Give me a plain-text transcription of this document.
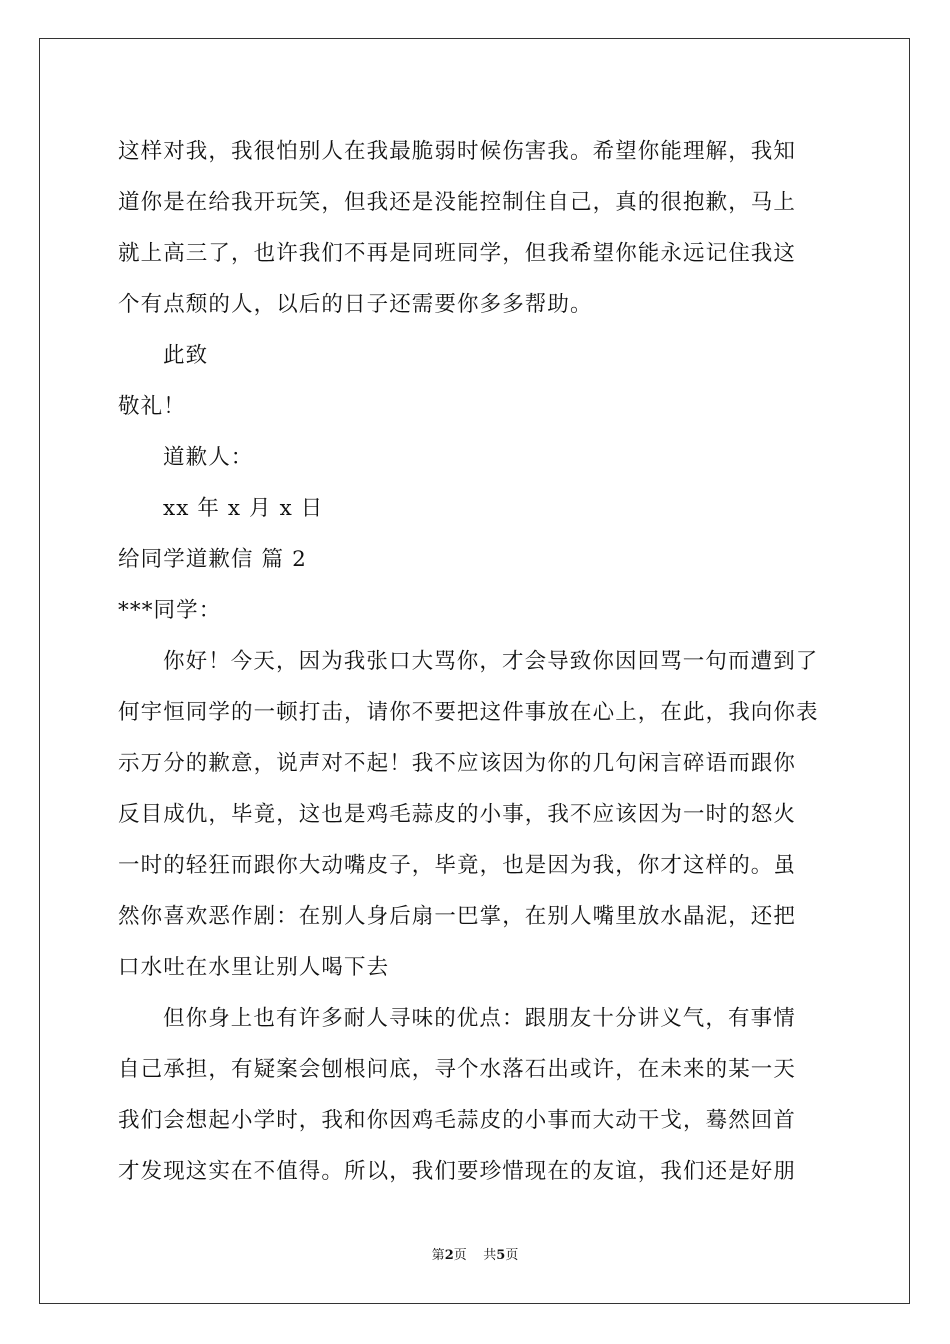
这样对我，我很怕别人在我最脆弱时候伤害我。希望你能理解，我知
道你是在给我开玩笑，但我还是没能控制住自己，真的很抱歉，马上
就上高三了，也许我们不再是同班同学，但我希望你能永远记住我这
个有点颓的人，以后的日子还需要你多多帮助。
此致
敬礼！
道歉人：
xx 年 x 月 x 日
给同学道歉信 篇 2
***同学：
你好！今天，因为我张口大骂你，才会导致你因回骂一句而遭到了
何宇恒同学的一顿打击，请你不要把这件事放在心上，在此，我向你表
示万分的歉意，说声对不起！我不应该因为你的几句闲言碎语而跟你
反目成仇，毕竟，这也是鸡毛蒜皮的小事，我不应该因为一时的怒火
一时的轻狂而跟你大动嘴皮子，毕竟，也是因为我，你才这样的。虽
然你喜欢恶作剧：在别人身后扇一巴掌，在别人嘴里放水晶泥，还把
口水吐在水里让别人喝下去
但你身上也有许多耐人寻味的优点：跟朋友十分讲义气，有事情
自己承担，有疑案会刨根问底，寻个水落石出或许，在未来的某一天
我们会想起小学时，我和你因鸡毛蒜皮的小事而大动干戈，蓦然回首
才发现这实在不值得。所以，我们要珍惜现在的友谊，我们还是好朋
第2页    共5页
